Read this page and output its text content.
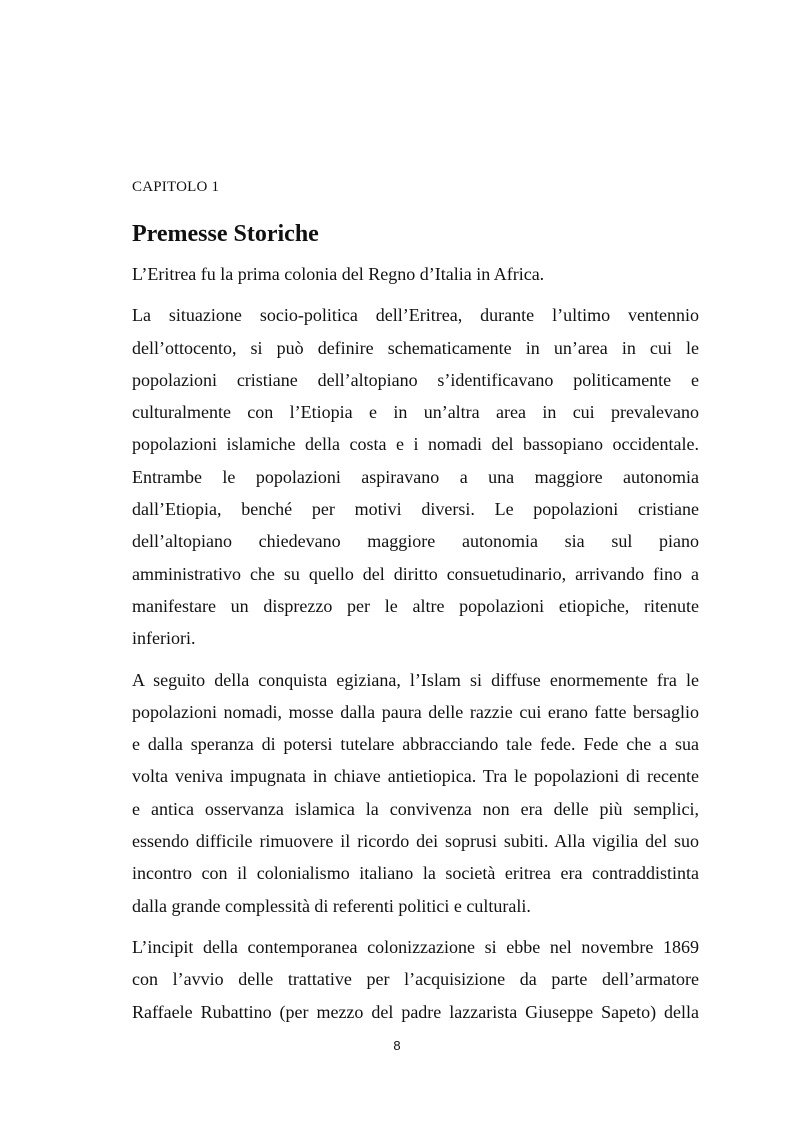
CAPITOLO 1
Premesse Storiche
L’Eritrea fu la prima colonia del Regno d’Italia in Africa.
La situazione socio-politica dell’Eritrea, durante l’ultimo ventennio
dell’ottocento, si può definire schematicamente in un’area in cui le
popolazioni cristiane dell’altopiano s’identificavano politicamente e
culturalmente con l’Etiopia e in un’altra area in cui prevalevano
popolazioni islamiche della costa e i nomadi del bassopiano occidentale.
Entrambe le popolazioni aspiravano a una maggiore autonomia
dall’Etiopia, benché per motivi diversi. Le popolazioni cristiane
dell’altopiano chiedevano maggiore autonomia sia sul piano
amministrativo che su quello del diritto consuetudinario, arrivando fino a
manifestare un disprezzo per le altre popolazioni etiopiche, ritenute
inferiori.
A seguito della conquista egiziana, l’Islam si diffuse enormemente fra le
popolazioni nomadi, mosse dalla paura delle razzie cui erano fatte bersaglio
e dalla speranza di potersi tutelare abbracciando tale fede. Fede che a sua
volta veniva impugnata in chiave antietiopica. Tra le popolazioni di recente
e antica osservanza islamica la convivenza non era delle più semplici,
essendo difficile rimuovere il ricordo dei soprusi subiti. Alla vigilia del suo
incontro con il colonialismo italiano la società eritrea era contraddistinta
dalla grande complessità di referenti politici e culturali.
L’incipit della contemporanea colonizzazione si ebbe nel novembre 1869
con l’avvio delle trattative per l’acquisizione da parte dell’armatore
Raffaele Rubattino (per mezzo del padre lazzarista Giuseppe Sapeto) della
8
